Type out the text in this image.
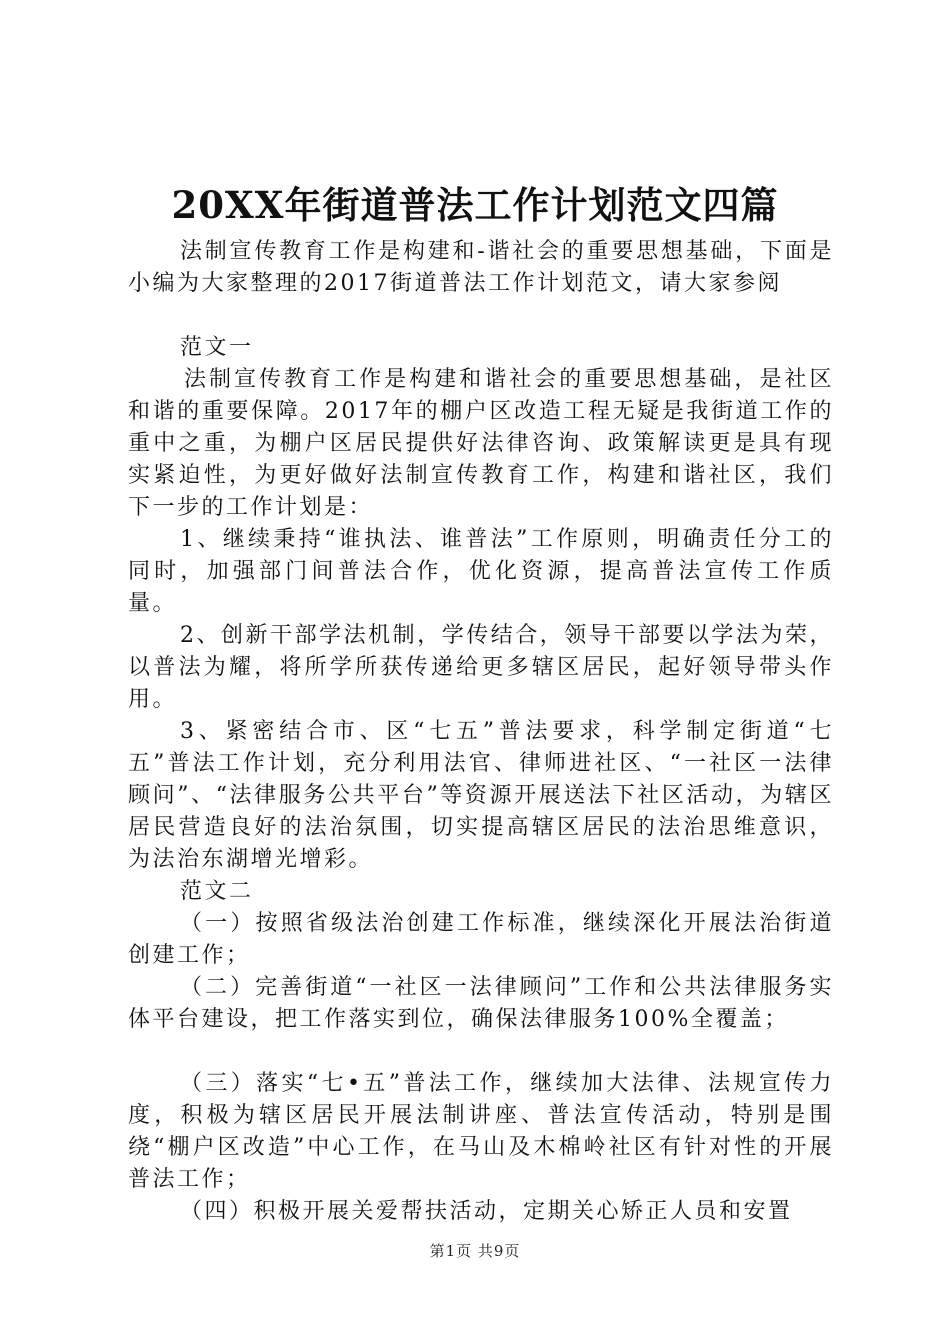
20XX年街道普法工作计划范文四篇

法制宣传教育工作是构建和-谐社会的重要思想基础，下面是小编为大家整理的2017街道普法工作计划范文，请大家参阅

范文一

法制宣传教育工作是构建和谐社会的重要思想基础，是社区和谐的重要保障。2017年的棚户区改造工程无疑是我街道工作的重中之重，为棚户区居民提供好法律咨询、政策解读更是具有现实紧迫性，为更好做好法制宣传教育工作，构建和谐社区，我们下一步的工作计划是：

1、继续秉持“谁执法、谁普法”工作原则，明确责任分工的同时，加强部门间普法合作，优化资源，提高普法宣传工作质量。

2、创新干部学法机制，学传结合，领导干部要以学法为荣，以普法为耀，将所学所获传递给更多辖区居民，起好领导带头作用。

3、紧密结合市、区“七五”普法要求，科学制定街道“七五”普法工作计划，充分利用法官、律师进社区、“一社区一法律顾问”、“法律服务公共平台”等资源开展送法下社区活动，为辖区居民营造良好的法治氛围，切实提高辖区居民的法治思维意识，为法治东湖增光增彩。

范文二

（一）按照省级法治创建工作标准，继续深化开展法治街道创建工作；

（二）完善街道“一社区一法律顾问”工作和公共法律服务实体平台建设，把工作落实到位，确保法律服务100%全覆盖；

（三）落实“七•五”普法工作，继续加大法律、法规宣传力度，积极为辖区居民开展法制讲座、普法宣传活动，特别是围绕“棚户区改造”中心工作，在马山及木棉岭社区有针对性的开展普法工作；

（四）积极开展关爱帮扶活动，定期关心矫正人员和安置

第1页 共9页
